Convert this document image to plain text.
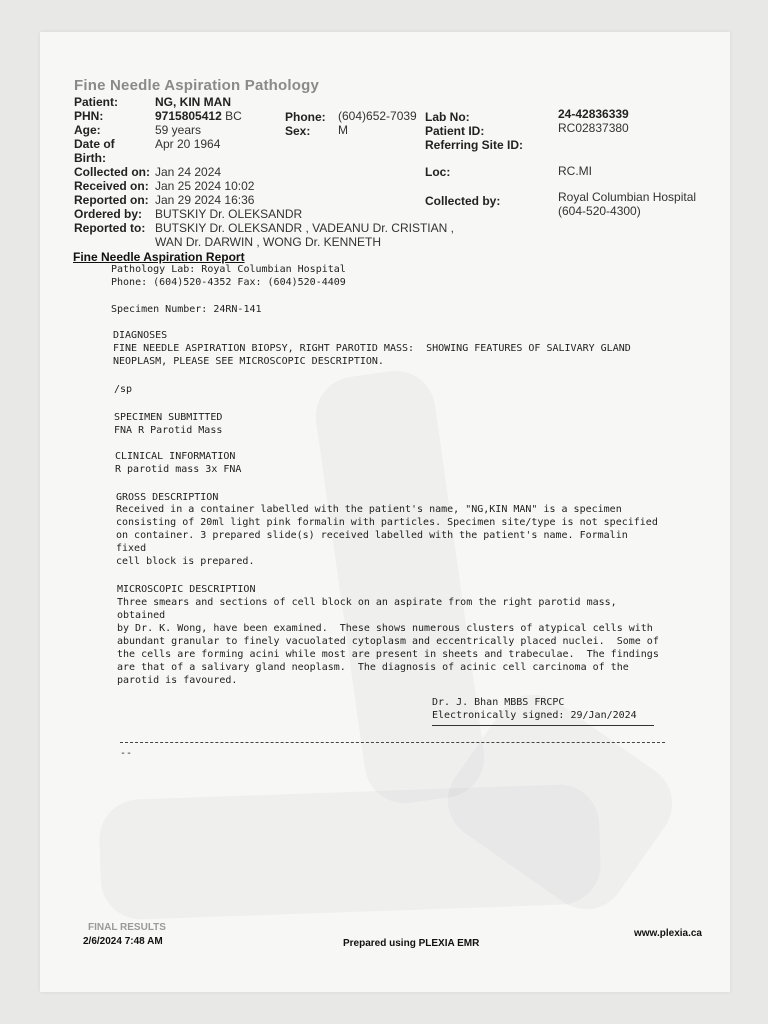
Fine Needle Aspiration Pathology
Patient:	NG, KIN MAN
PHN:	9715805412 BC
Age:	59 years
Date of	Apr 20 1964
Birth:
Collected on: Jan 24 2024
Received on: Jan 25 2024 10:02
Reported on: Jan 29 2024 16:36
Ordered by: BUTSKIY Dr. OLEKSANDR
Reported to: BUTSKIY Dr. OLEKSANDR , VADEANU Dr. CRISTIAN ,
WAN Dr. DARWIN , WONG Dr. KENNETH
Phone: (604)652-7039
Sex: M
Lab No:	24-42836339
Patient ID:	RC02837380
Referring Site ID:
Loc:	RC.MI
Collected by:	Royal Columbian Hospital
(604-520-4300)
Fine Needle Aspiration Report
Pathology Lab: Royal Columbian Hospital
Phone: (604)520-4352 Fax: (604)520-4409
Specimen Number: 24RN-141
DIAGNOSES
FINE NEEDLE ASPIRATION BIOPSY, RIGHT PAROTID MASS:  SHOWING FEATURES OF SALIVARY GLAND
NEOPLASM, PLEASE SEE MICROSCOPIC DESCRIPTION.
/sp
SPECIMEN SUBMITTED
FNA R Parotid Mass
CLINICAL INFORMATION
R parotid mass 3x FNA
GROSS DESCRIPTION
Received in a container labelled with the patient's name, "NG,KIN MAN" is a specimen
consisting of 20ml light pink formalin with particles. Specimen site/type is not specified
on container. 3 prepared slide(s) received labelled with the patient's name. Formalin
fixed
cell block is prepared.
MICROSCOPIC DESCRIPTION
Three smears and sections of cell block on an aspirate from the right parotid mass,
obtained
by Dr. K. Wong, have been examined.  These shows numerous clusters of atypical cells with
abundant granular to finely vacuolated cytoplasm and eccentrically placed nuclei.  Some of
the cells are forming acini while most are present in sheets and trabeculae.  The findings
are that of a salivary gland neoplasm.  The diagnosis of acinic cell carcinoma of the
parotid is favoured.
Dr. J. Bhan MBBS FRCPC
Electronically signed: 29/Jan/2024
--
FINAL RESULTS
2/6/2024 7:48 AM	Prepared using PLEXIA EMR
www.plexia.ca
